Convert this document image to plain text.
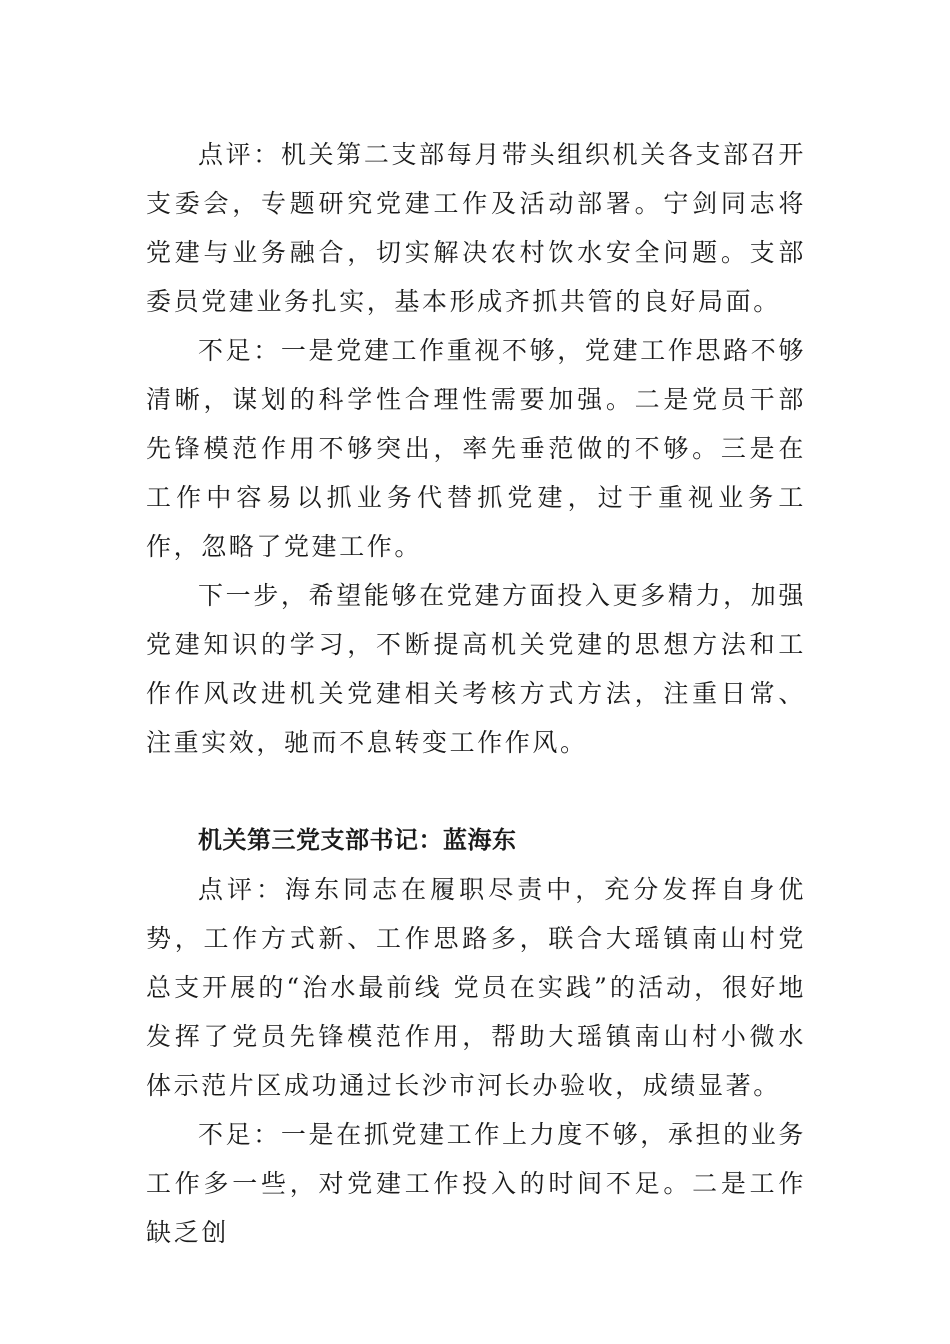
点评：机关第二支部每月带头组织机关各支部召开支委会，专题研究党建工作及活动部署。宁剑同志将党建与业务融合，切实解决农村饮水安全问题。支部委员党建业务扎实，基本形成齐抓共管的良好局面。

不足：一是党建工作重视不够，党建工作思路不够清晰，谋划的科学性合理性需要加强。二是党员干部先锋模范作用不够突出，率先垂范做的不够。三是在工作中容易以抓业务代替抓党建，过于重视业务工作，忽略了党建工作。

下一步，希望能够在党建方面投入更多精力，加强党建知识的学习，不断提高机关党建的思想方法和工作作风改进机关党建相关考核方式方法，注重日常、注重实效，驰而不息转变工作作风。

机关第三党支部书记：蓝海东

点评：海东同志在履职尽责中，充分发挥自身优势，工作方式新、工作思路多，联合大瑶镇南山村党总支开展的“治水最前线 党员在实践”的活动，很好地发挥了党员先锋模范作用，帮助大瑶镇南山村小微水体示范片区成功通过长沙市河长办验收，成绩显著。

不足：一是在抓党建工作上力度不够，承担的业务工作多一些，对党建工作投入的时间不足。二是工作缺乏创
